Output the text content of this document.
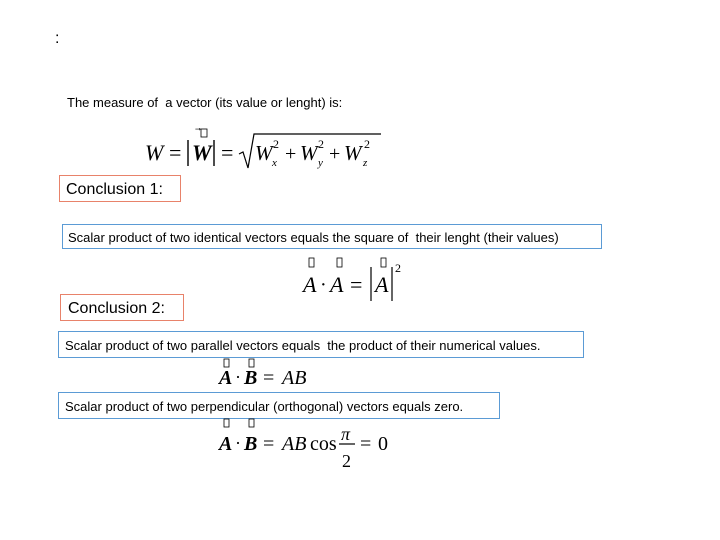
:
The measure of  a vector (its value or lenght) is:
W = W = W 2
x + W 2
y + W 2
z
Conclusion 1:
Scalar product of two identical vectors equals the square of  their lenght (their values)
A · A = A
2
Conclusion 2:
Scalar product of two parallel vectors equals  the product of their numerical values.
A · B = AB
Scalar product of two perpendicular (orthogonal) vectors equals zero.
A · B = AB cos π
2
= 0
